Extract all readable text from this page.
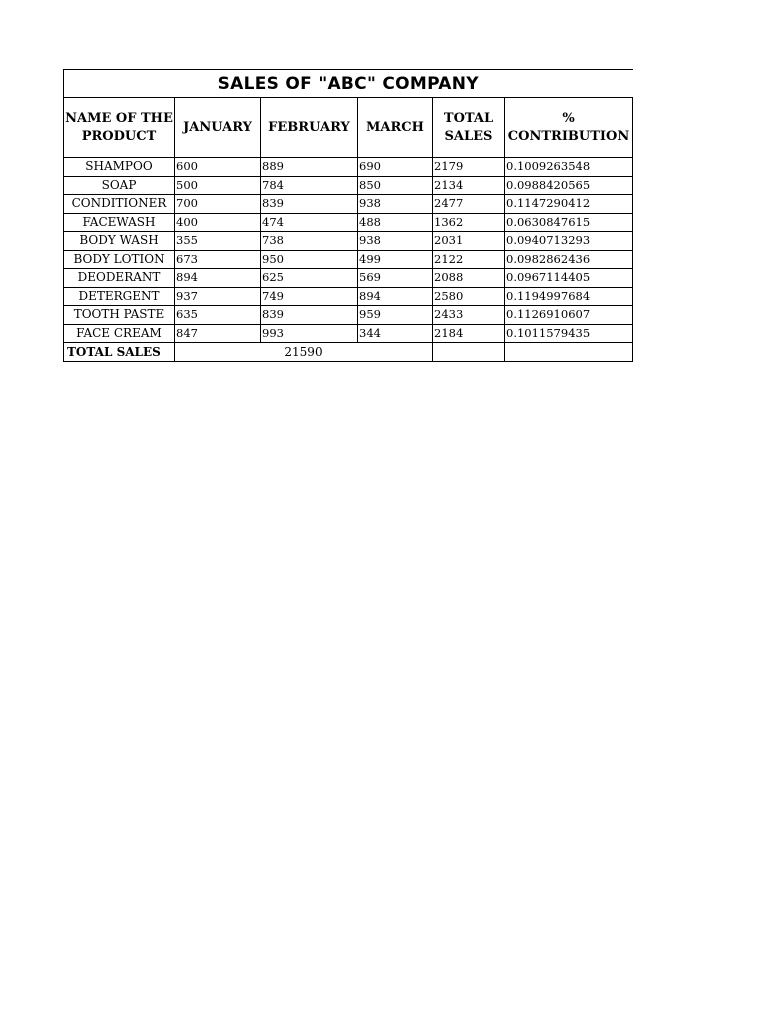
SALES OF "ABC" COMPANY					
NAME OF THE PRODUCT	JANUARY	FEBRUARY	MARCH	TOTAL SALES	% CONTRIBUTION
SHAMPOO	600	889	690	2179	0.1009263548
SOAP	500	784	850	2134	0.0988420565
CONDITIONER	700	839	938	2477	0.1147290412
FACEWASH	400	474	488	1362	0.0630847615
BODY WASH	355	738	938	2031	0.0940713293
BODY LOTION	673	950	499	2122	0.0982862436
DEODERANT	894	625	569	2088	0.0967114405
DETERGENT	937	749	894	2580	0.1194997684
TOOTH PASTE	635	839	959	2433	0.1126910607
FACE CREAM	847	993	344	2184	0.1011579435
TOTAL SALES	21590				
